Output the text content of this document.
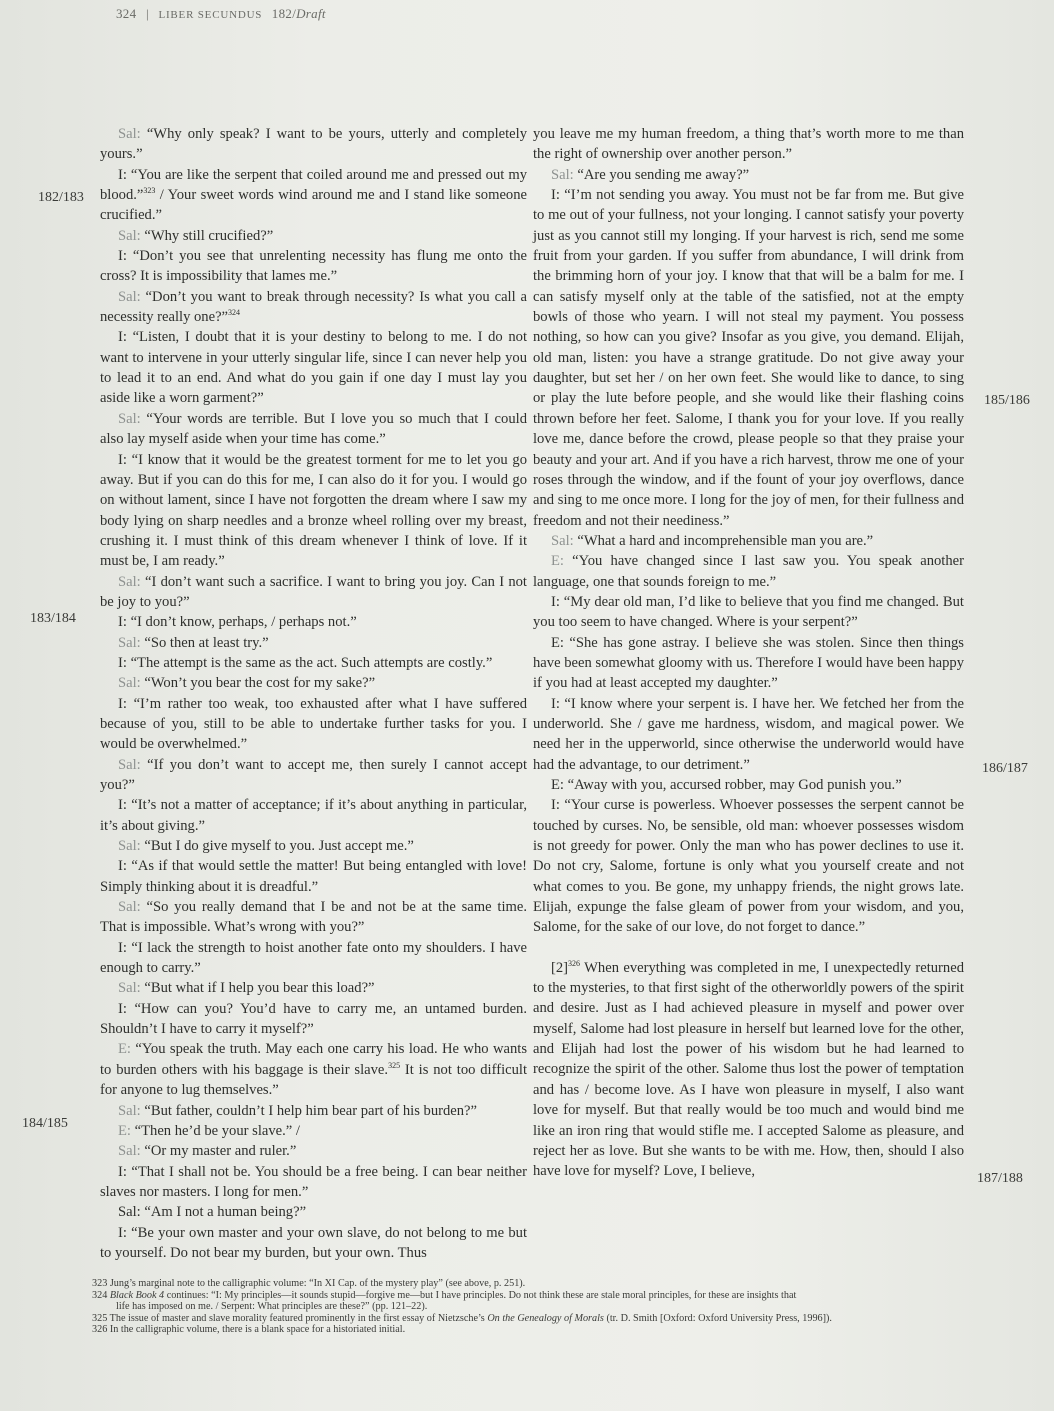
324 | LIBER SECUNDUS 182/Draft
182/183
183/184
184/185
185/186
186/187
187/188

Sal: “Why only speak? I want to be yours, utterly and completely yours.”

I: “You are like the serpent that coiled around me and pressed out my blood.”$^{323}$ / Your sweet words wind around me and I stand like someone crucified.”

Sal: “Why still crucified?”

I: “Don’t you see that unrelenting necessity has flung me onto the cross? It is impossibility that lames me.”

Sal: “Don’t you want to break through necessity? Is what you call a necessity really one?”$^{324}$

I: “Listen, I doubt that it is your destiny to belong to me. I do not want to intervene in your utterly singular life, since I can never help you to lead it to an end. And what do you gain if one day I must lay you aside like a worn garment?”

Sal: “Your words are terrible. But I love you so much that I could also lay myself aside when your time has come.”

I: “I know that it would be the greatest torment for me to let you go away. But if you can do this for me, I can also do it for you. I would go on without lament, since I have not forgotten the dream where I saw my body lying on sharp needles and a bronze wheel rolling over my breast, crushing it. I must think of this dream whenever I think of love. If it must be, I am ready.”

Sal: “I don’t want such a sacrifice. I want to bring you joy. Can I not be joy to you?”

I: “I don’t know, perhaps, / perhaps not.”

Sal: “So then at least try.”

I: “The attempt is the same as the act. Such attempts are costly.”

Sal: “Won’t you bear the cost for my sake?”

I: “I’m rather too weak, too exhausted after what I have suffered because of you, still to be able to undertake further tasks for you. I would be overwhelmed.”

Sal: “If you don’t want to accept me, then surely I cannot accept you?”

I: “It’s not a matter of acceptance; if it’s about anything in particular, it’s about giving.”

Sal: “But I do give myself to you. Just accept me.”

I: “As if that would settle the matter! But being entangled with love! Simply thinking about it is dreadful.”

Sal: “So you really demand that I be and not be at the same time. That is impossible. What’s wrong with you?”

I: “I lack the strength to hoist another fate onto my shoulders. I have enough to carry.”

Sal: “But what if I help you bear this load?”

I: “How can you? You’d have to carry me, an untamed burden. Shouldn’t I have to carry it myself?”

E: “You speak the truth. May each one carry his load. He who wants to burden others with his baggage is their slave.$^{325}$ It is not too difficult for anyone to lug themselves.”

Sal: “But father, couldn’t I help him bear part of his burden?”

E: “Then he’d be your slave.” /

Sal: “Or my master and ruler.”

I: “That I shall not be. You should be a free being. I can bear neither slaves nor masters. I long for men.”

Sal: “Am I not a human being?”

I: “Be your own master and your own slave, do not belong to me but to yourself. Do not bear my burden, but your own. Thus

you leave me my human freedom, a thing that’s worth more to me than the right of ownership over another person.”

Sal: “Are you sending me away?”

I: “I’m not sending you away. You must not be far from me. But give to me out of your fullness, not your longing. I cannot satisfy your poverty just as you cannot still my longing. If your harvest is rich, send me some fruit from your garden. If you suffer from abundance, I will drink from the brimming horn of your joy. I know that that will be a balm for me. I can satisfy myself only at the table of the satisfied, not at the empty bowls of those who yearn. I will not steal my payment. You possess nothing, so how can you give? Insofar as you give, you demand. Elijah, old man, listen: you have a strange gratitude. Do not give away your daughter, but set her / on her own feet. She would like to dance, to sing or play the lute before people, and she would like their flashing coins thrown before her feet. Salome, I thank you for your love. If you really love me, dance before the crowd, please people so that they praise your beauty and your art. And if you have a rich harvest, throw me one of your roses through the window, and if the fount of your joy overflows, dance and sing to me once more. I long for the joy of men, for their fullness and freedom and not their neediness.”

Sal: “What a hard and incomprehensible man you are.”

E: “You have changed since I last saw you. You speak another language, one that sounds foreign to me.”

I: “My dear old man, I’d like to believe that you find me changed. But you too seem to have changed. Where is your serpent?”

E: “She has gone astray. I believe she was stolen. Since then things have been somewhat gloomy with us. Therefore I would have been happy if you had at least accepted my daughter.”

I: “I know where your serpent is. I have her. We fetched her from the underworld. She / gave me hardness, wisdom, and magical power. We need her in the upperworld, since otherwise the underworld would have had the advantage, to our detriment.”

E: “Away with you, accursed robber, may God punish you.”

I: “Your curse is powerless. Whoever possesses the serpent cannot be touched by curses. No, be sensible, old man: whoever possesses wisdom is not greedy for power. Only the man who has power declines to use it. Do not cry, Salome, fortune is only what you yourself create and not what comes to you. Be gone, my unhappy friends, the night grows late. Elijah, expunge the false gleam of power from your wisdom, and you, Salome, for the sake of our love, do not forget to dance.”

[2]$^{326}$ When everything was completed in me, I unexpectedly returned to the mysteries, to that first sight of the otherworldly powers of the spirit and desire. Just as I had achieved pleasure in myself and power over myself, Salome had lost pleasure in herself but learned love for the other, and Elijah had lost the power of his wisdom but he had learned to recognize the spirit of the other. Salome thus lost the power of temptation and has / become love. As I have won pleasure in myself, I also want love for myself. But that really would be too much and would bind me like an iron ring that would stifle me. I accepted Salome as pleasure, and reject her as love. But she wants to be with me. How, then, should I also have love for myself? Love, I believe,

323 Jung’s marginal note to the calligraphic volume: “In XI Cap. of the mystery play” (see above, p. 251).
324 Black Book 4 continues: “I: My principles—it sounds stupid—forgive me—but I have principles. Do not think these are stale moral principles, for these are insights that
life has imposed on me. / Serpent: What principles are these?” (pp. 121–22).
325 The issue of master and slave morality featured prominently in the first essay of Nietzsche’s On the Genealogy of Morals (tr. D. Smith [Oxford: Oxford University Press, 1996]).
326 In the calligraphic volume, there is a blank space for a historiated initial.
